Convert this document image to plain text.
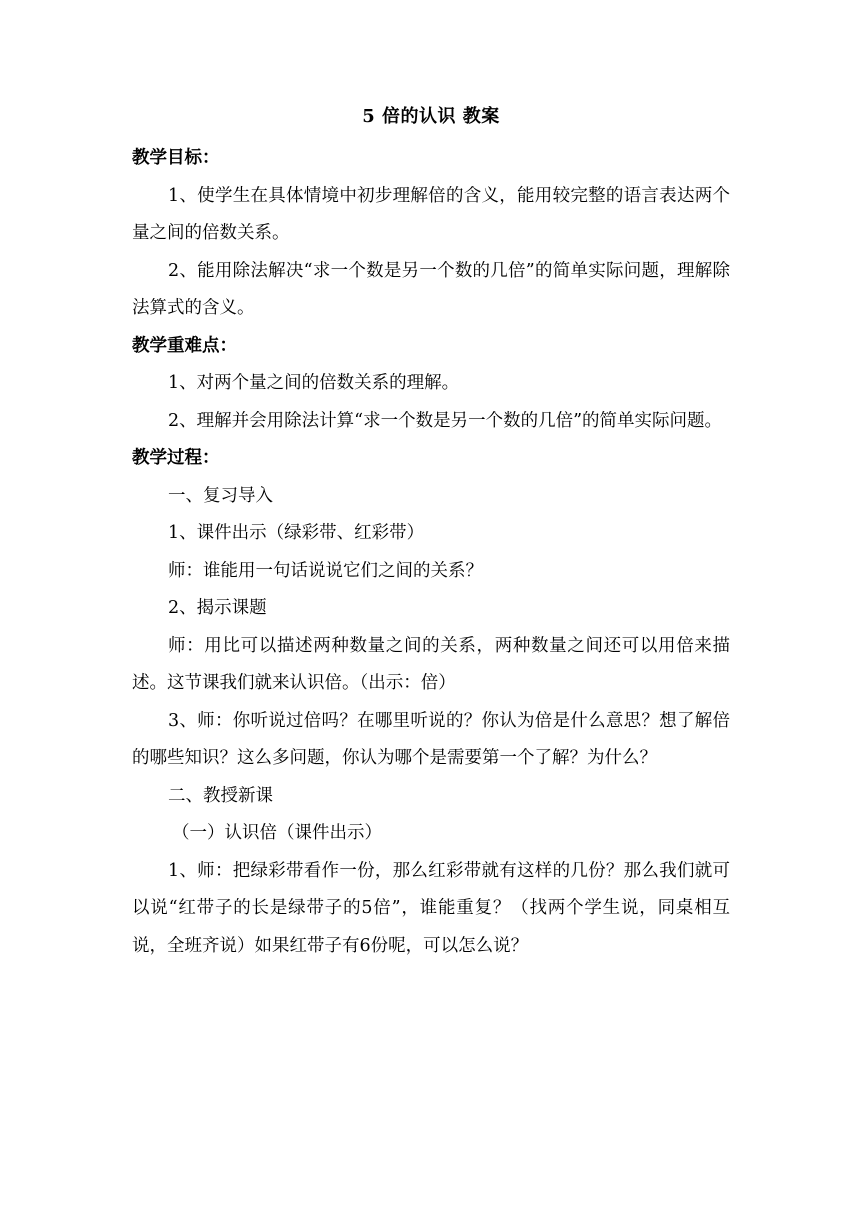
5 倍的认识 教案

教学目标：

1、使学生在具体情境中初步理解倍的含义，能用较完整的语言表达两个量之间的倍数关系。

2、能用除法解决“求一个数是另一个数的几倍”的简单实际问题，理解除法算式的含义。

教学重难点：

1、对两个量之间的倍数关系的理解。

2、理解并会用除法计算“求一个数是另一个数的几倍”的简单实际问题。

教学过程：

一、复习导入

1、课件出示（绿彩带、红彩带）

师：谁能用一句话说说它们之间的关系？

2、揭示课题

师：用比可以描述两种数量之间的关系，两种数量之间还可以用倍来描述。这节课我们就来认识倍。（出示：倍）

3、师：你听说过倍吗？在哪里听说的？你认为倍是什么意思？想了解倍的哪些知识？这么多问题，你认为哪个是需要第一个了解？为什么？

二、教授新课

（一）认识倍（课件出示）

1、师：把绿彩带看作一份，那么红彩带就有这样的几份？那么我们就可以说“红带子的长是绿带子的5倍”，谁能重复？（找两个学生说，同桌相互说，全班齐说）如果红带子有6份呢，可以怎么说？
